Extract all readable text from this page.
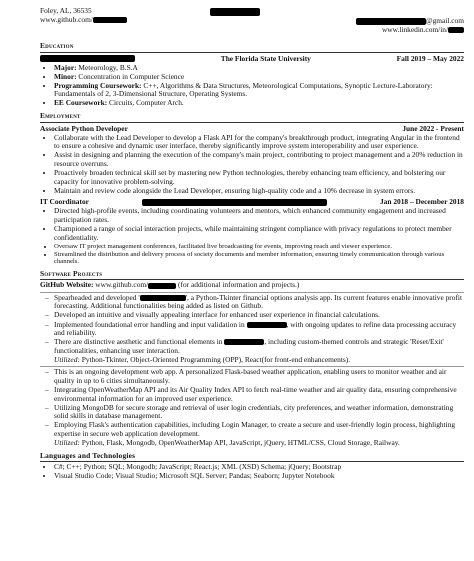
Foley, AL, 36535
www.github.com/	@gmail.com
www.linkedin.com/in/
Education
The Florida State University	Fall 2019 – May 2022
• Major: Meteorology, B.S.A
• Minor: Concentration in Computer Science
• Programming Coursework: C++, Algorithms & Data Structures, Meteorological Computations, Synoptic Lecture-Laboratory: Fundamentals of 2, 3-Dimensional Structure, Operating Systems.
• EE Coursework: Circuits, Computer Arch.
Employment
Associate Python Developer	June 2022 - Present
• Collaborate with the Lead Developer to develop a Flask API for the company's breakthrough product, integrating Angular in the frontend to ensure a cohesive and dynamic user interface, thereby significantly improve system interoperability and user experience.
• Assist in designing and planning the execution of the company's main project, contributing to project management and a 20% reduction in resource overruns.
• Proactively broaden technical skill set by mastering new Python technologies, thereby enhancing team efficiency, and bolstering our capacity for innovative problem-solving.
• Maintain and review code alongside the Lead Developer, ensuring high-quality code and a 10% decrease in system errors.
IT Coordinator	Jan 2018 – December 2018
• Directed high-profile events, including coordinating volunteers and mentors, which enhanced community engagement and increased participation rates.
• Championed a range of social interaction projects, while maintaining stringent compliance with privacy regulations to protect member confidentiality.
• Oversaw IT project management conferences, facilitated live broadcasting for events, improving reach and viewer experience.
• Streamlined the distribution and delivery process of society documents and member information, ensuring timely communication through various channels.
Software Projects
GitHub Website: www.github.com/	(for additional information and projects.)
– Spearheaded and developed '	', a Python-Tkinter financial options analysis app. Its current features enable innovative profit forecasting. Additional functionalities being added as listed on Github.
– Developed an intuitive and visually appealing interface for enhanced user experience in financial calculations.
– Implemented foundational error handling and input validation in	, with ongoing updates to refine data processing accuracy and reliability.
– There are distinctive aesthetic and functional elements in	, including custom-themed controls and strategic 'Reset/Exit' functionalities, enhancing user interaction.
Utilized: Python-Tkinter, Object-Oriented Programming (OPP), React(for front-end enhancements).
– This is an ongoing development web app. A personalized Flask-based weather application, enabling users to monitor weather and air quality in up to 6 cities simultaneously.
– Integrating OpenWeatherMap API and its Air Quality Index API to fetch real-time weather and air quality data, ensuring comprehensive environmental information for an improved user experience.
– Utilizing MongoDB for secure storage and retrieval of user login credentials, city preferences, and weather information, demonstrating solid skills in database management.
– Employing Flask's authentication capabilities, including Login Manager, to create a secure and user-friendly login process, highlighting expertise in secure web application development.
Utilized: Python, Flask, Mongodb, OpenWeatherMap API, JavaScript, jQuery, HTML/CSS, Cloud Storage, Railway.
Languages and Technologies
• C#; C++; Python; SQL; Mongodb; JavaScript; React.js; XML (XSD) Schema; jQuery; Bootstrap
• Visual Studio Code; Visual Studio; Microsoft SQL Server; Pandas; Seaborn; Jupyter Notebook
